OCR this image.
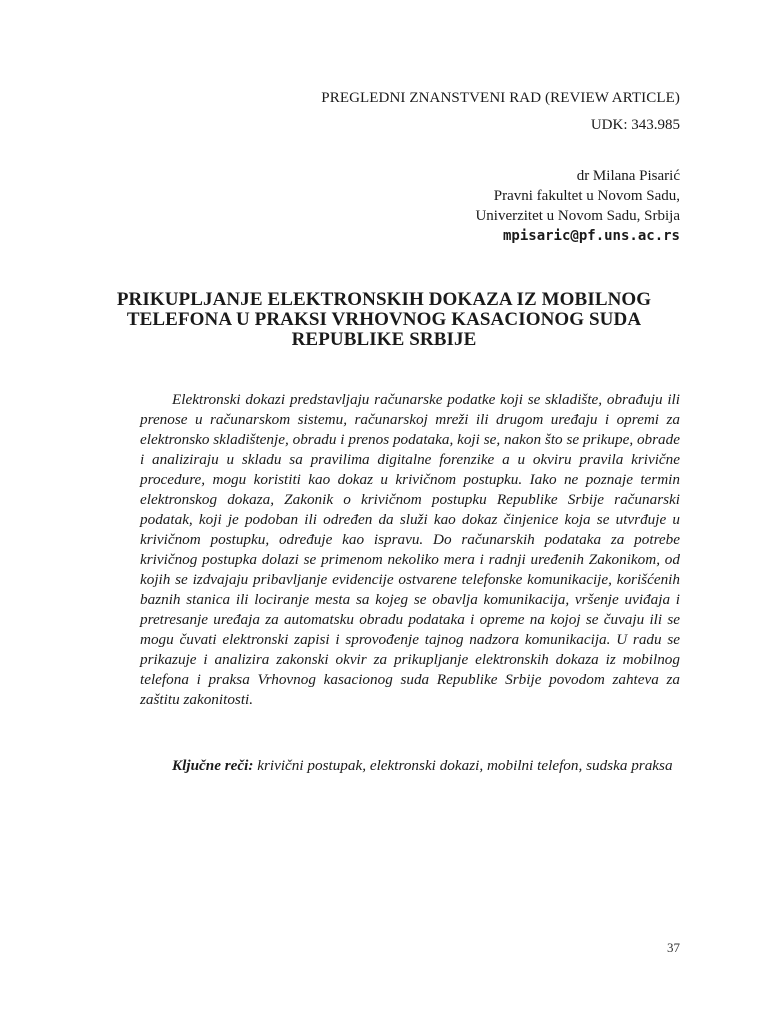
PREGLEDNI ZNANSTVENI RAD (REVIEW ARTICLE)
UDK: 343.985
dr Milana Pisarić
Pravni fakultet u Novom Sadu,
Univerzitet u Novom Sadu, Srbija
mpisaric@pf.uns.ac.rs
PRIKUPLJANJE ELEKTRONSKIH DOKAZA IZ MOBILNOG
TELEFONA U PRAKSI VRHOVNOG KASACIONOG SUDA
REPUBLIKE SRBIJE

Elektronski dokazi predstavljaju računarske podatke koji se skladište, obrađuju ili prenose u računarskom sistemu, računarskoj mreži ili drugom uređaju i opremi za elektronsko skladištenje, obradu i prenos podataka, koji se, nakon što se prikupe, obrade i analiziraju u skladu sa pravilima digitalne forenzike a u okviru pravila krivične procedure, mogu koristiti kao dokaz u krivičnom postupku. Iako ne poznaje termin elektronskog dokaza, Zakonik o krivičnom postupku Republike Srbije računarski podatak, koji je podoban ili određen da služi kao dokaz činjenice koja se utvrđuje u krivičnom postupku, određuje kao ispravu. Do računarskih podataka za potrebe krivičnog postupka dolazi se primenom nekoliko mera i radnji uređenih Zakonikom, od kojih se izdvajaju pribavljanje evidencije ostvarene telefonske komunikacije, korišćenih baznih stanica ili lociranje mesta sa kojeg se obavlja komunikacija, vršenje uviđaja i pretresanje uređaja za automatsku obradu podataka i opreme na kojoj se čuvaju ili se mogu čuvati elektronski zapisi i sprovođenje tajnog nadzora komunikacija. U radu se prikazuje i analizira zakonski okvir za prikupljanje elektronskih dokaza iz mobilnog telefona i praksa Vrhovnog kasacionog suda Republike Srbije povodom zahteva za zaštitu zakonitosti.

Ključne reči: krivični postupak, elektronski dokazi, mobilni telefon, sudska praksa

37
